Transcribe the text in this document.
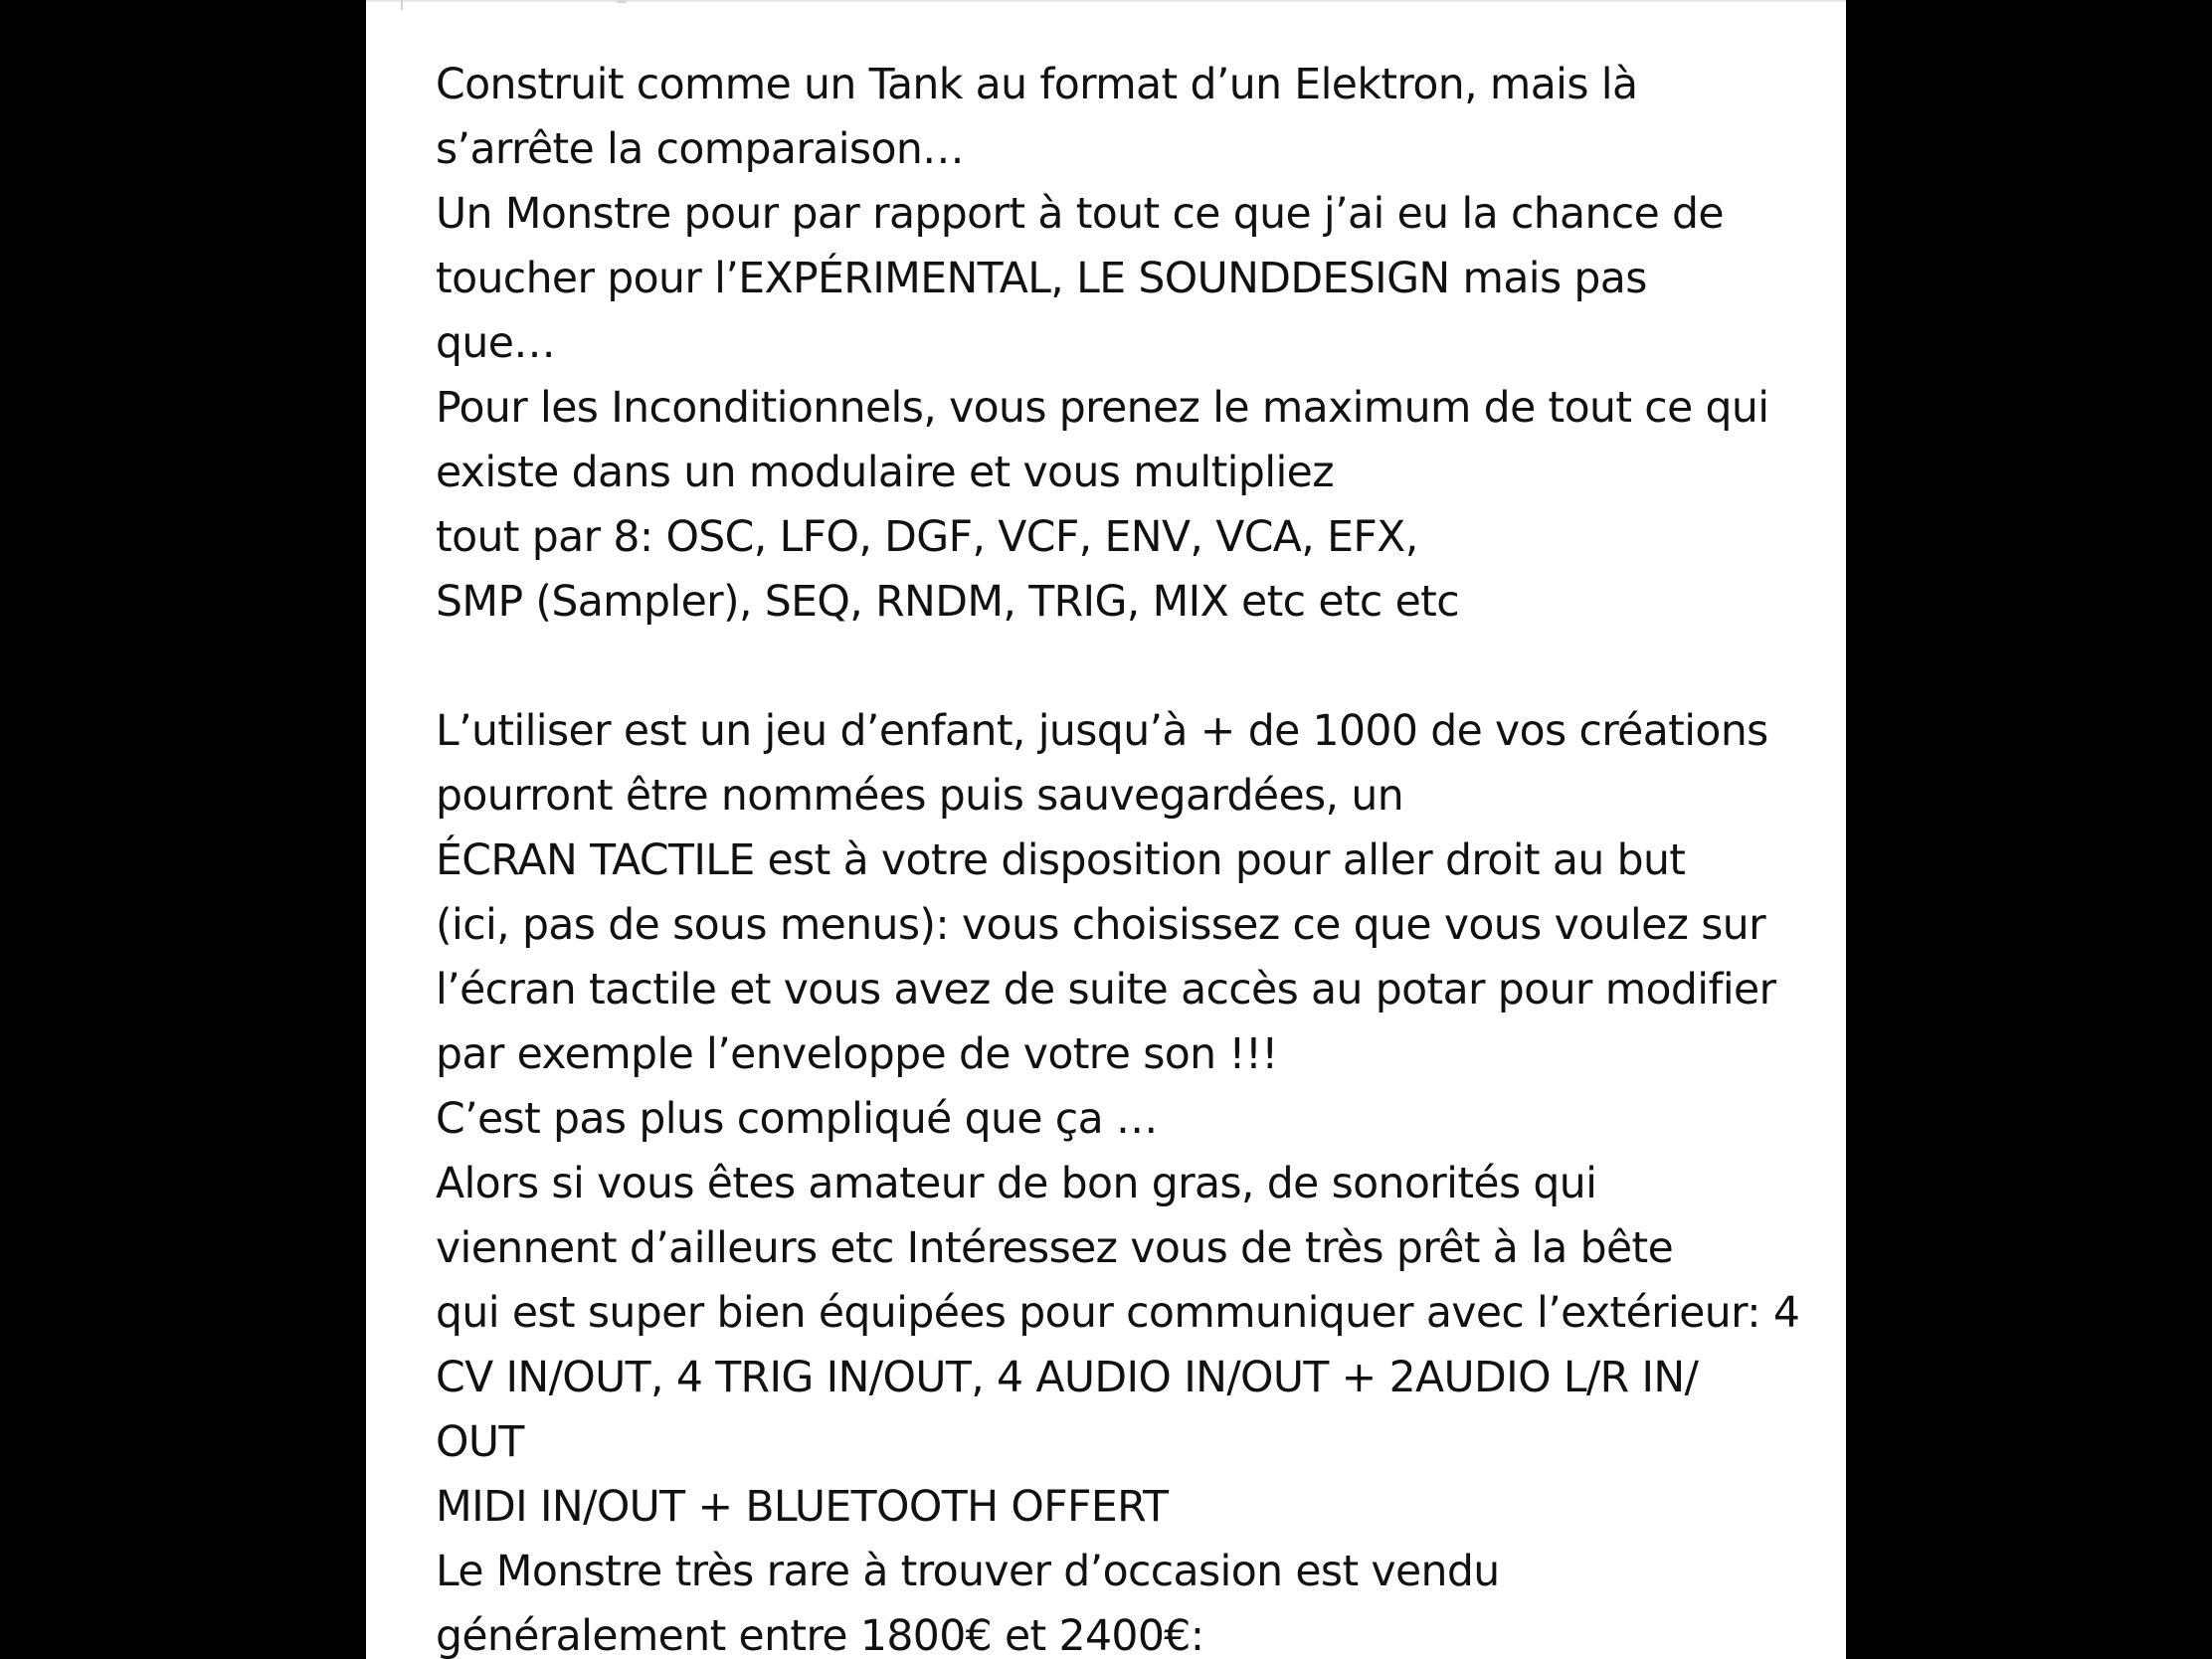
Construit comme un Tank au format d’un Elektron, mais là
s’arrête la comparaison…
Un Monstre pour par rapport à tout ce que j’ai eu la chance de
toucher pour l’EXPÉRIMENTAL, LE SOUNDDESIGN mais pas
que…
Pour les Inconditionnels, vous prenez le maximum de tout ce qui
existe dans un modulaire et vous multipliez
tout par 8: OSC, LFO, DGF, VCF, ENV, VCA, EFX,
SMP (Sampler), SEQ, RNDM, TRIG, MIX etc etc etc
L’utiliser est un jeu d’enfant, jusqu’à + de 1000 de vos créations
pourront être nommées puis sauvegardées, un
ÉCRAN TACTILE est à votre disposition pour aller droit au but
(ici, pas de sous menus): vous choisissez ce que vous voulez sur
l’écran tactile et vous avez de suite accès au potar pour modifier
par exemple l’enveloppe de votre son !!!
C’est pas plus compliqué que ça …
Alors si vous êtes amateur de bon gras, de sonorités qui
viennent d’ailleurs etc Intéressez vous de très prêt à la bête
qui est super bien équipées pour communiquer avec l’extérieur: 4
CV IN/OUT, 4 TRIG IN/OUT, 4 AUDIO IN/OUT + 2AUDIO L/R IN/
OUT
MIDI IN/OUT + BLUETOOTH OFFERT
Le Monstre très rare à trouver d’occasion est vendu
généralement entre 1800€ et 2400€:
